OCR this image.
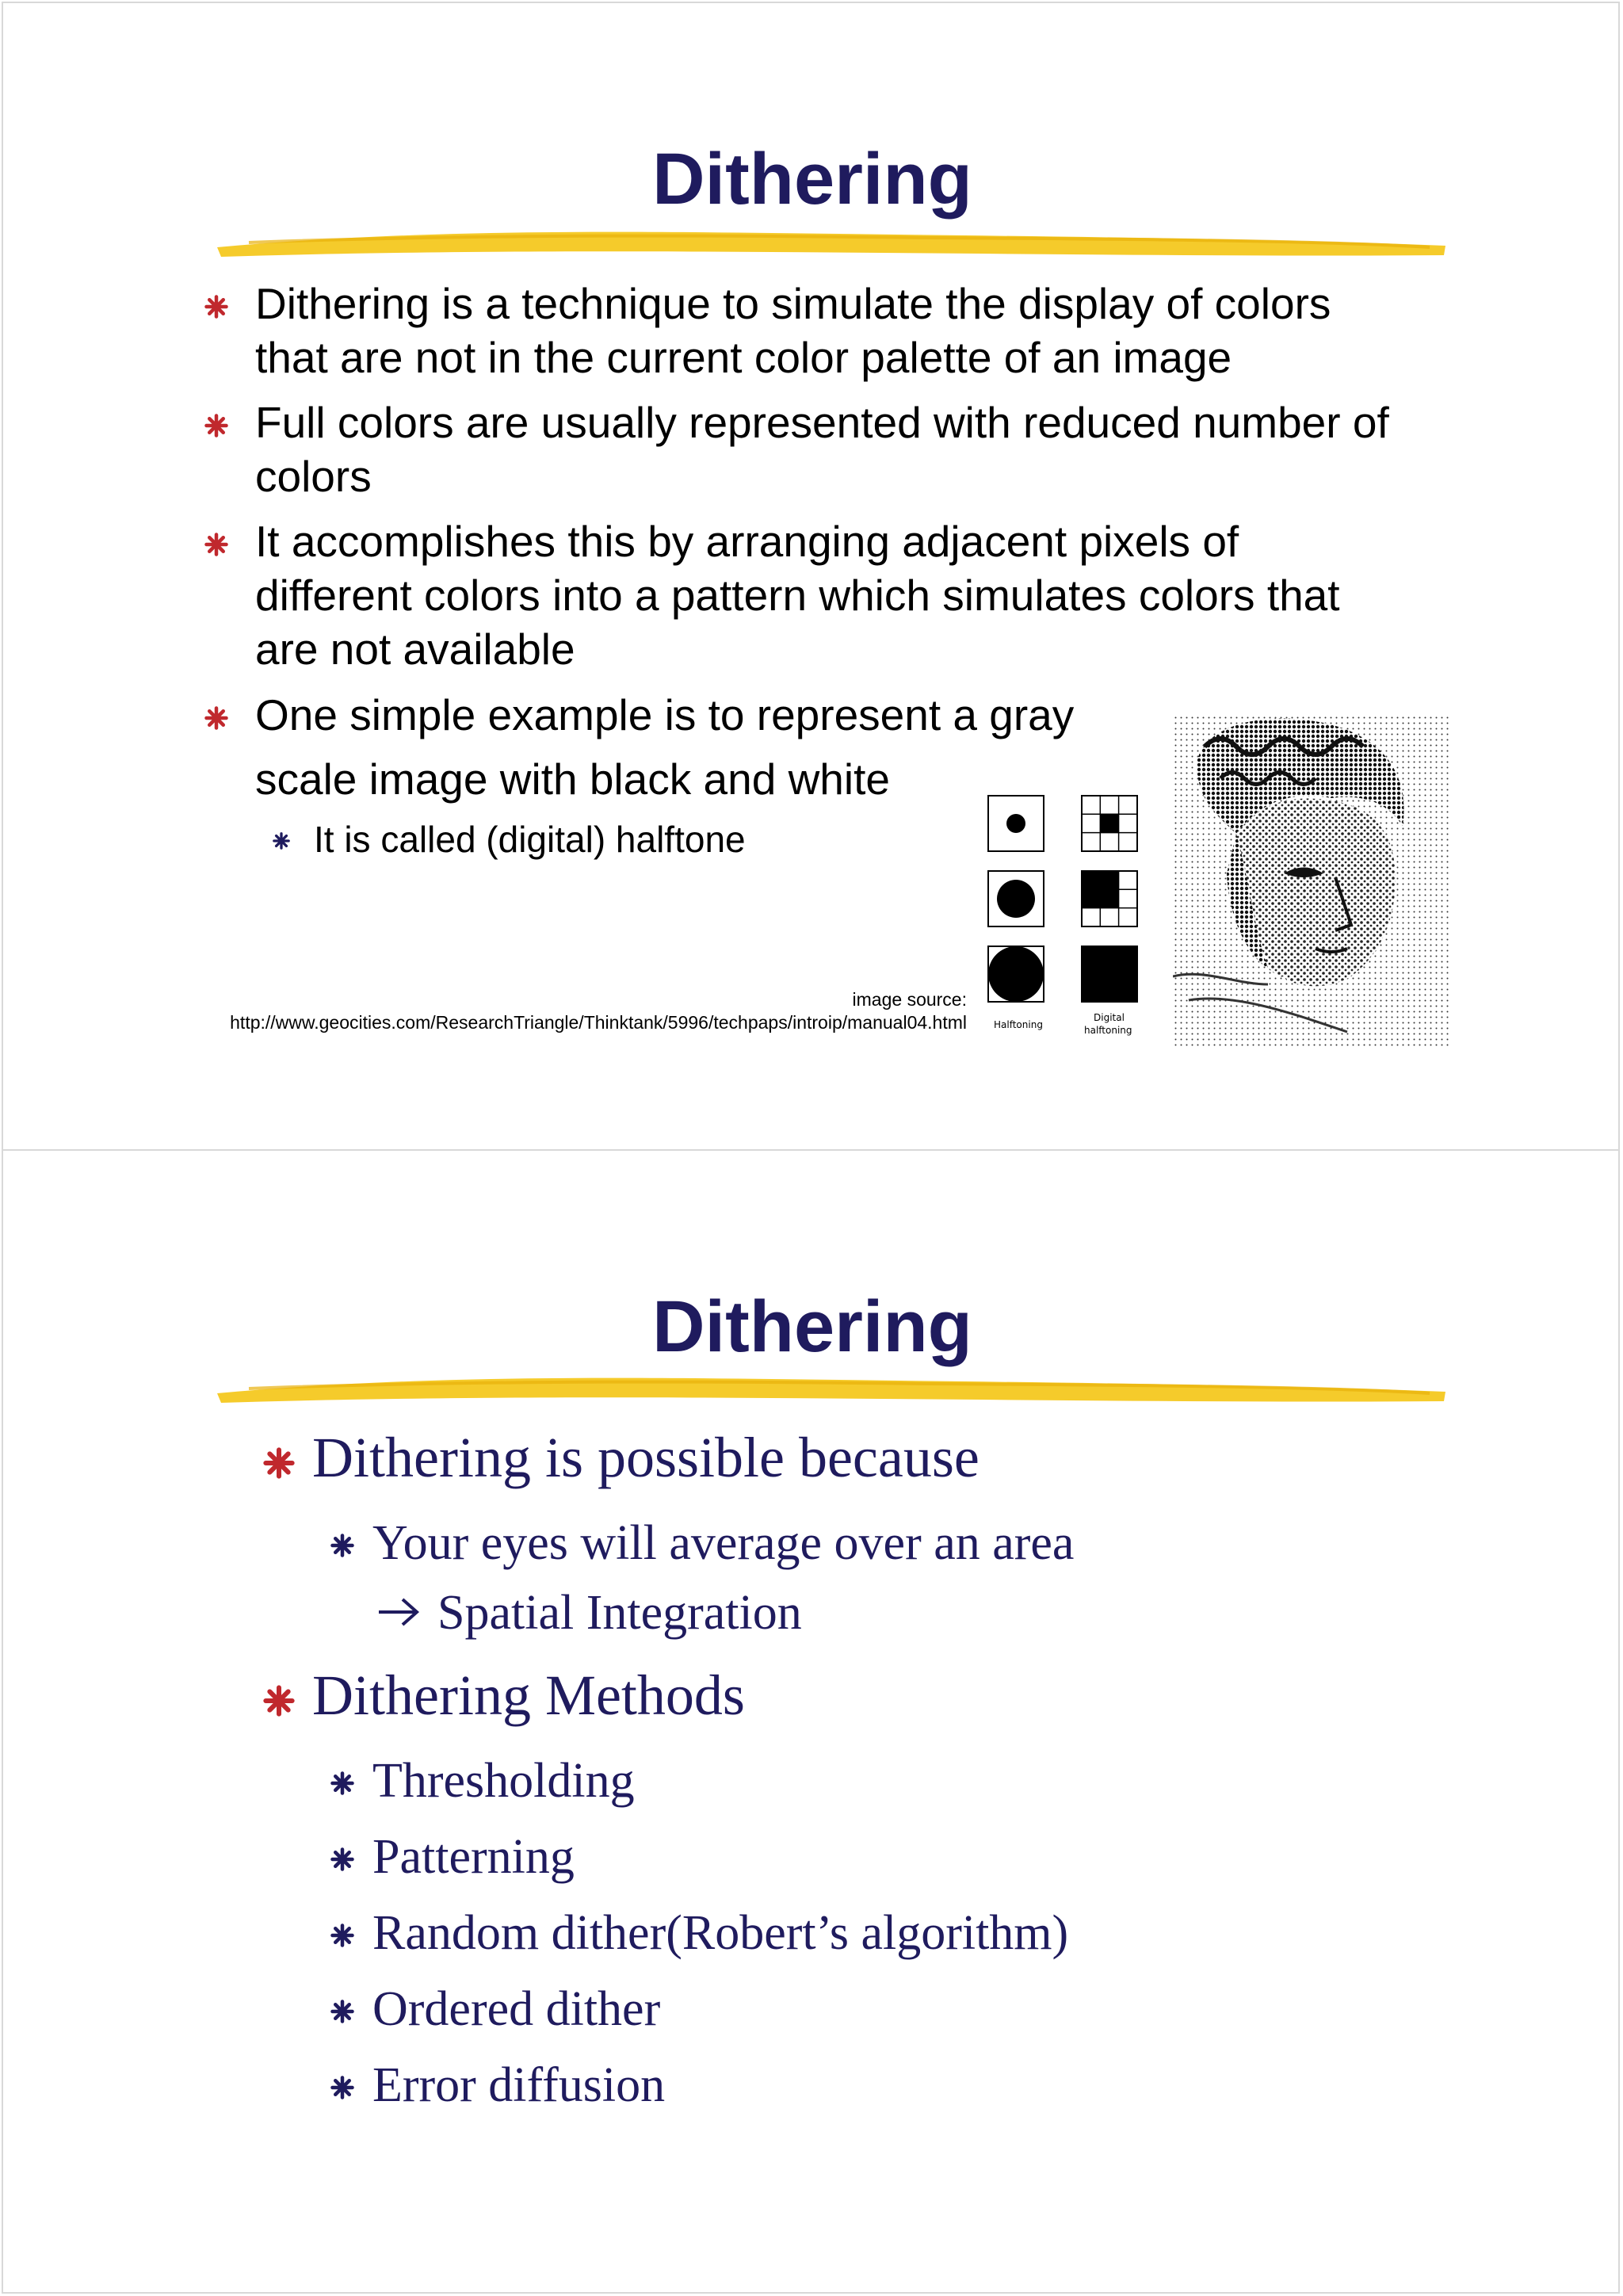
Dithering
Dithering is a technique to simulate the display of colors
that are not in the current color palette of an image
Full colors are usually represented with reduced number of
colors
It accomplishes this by arranging adjacent pixels of
different colors into a pattern which simulates colors that
are not available
One simple example is to represent a gray
scale image with black and white
It is called (digital) halftone
image source:
http://www.geocities.com/ResearchTriangle/Thinktank/5996/techpaps/introip/manual04.html	Halftoning
Digital
halftoning
Dithering
Dithering is possible because
Your eyes will average over an area
Spatial Integration
Dithering Methods
Thresholding
Patterning
Random dither(Robert’s algorithm)
Ordered dither
Error diffusion
